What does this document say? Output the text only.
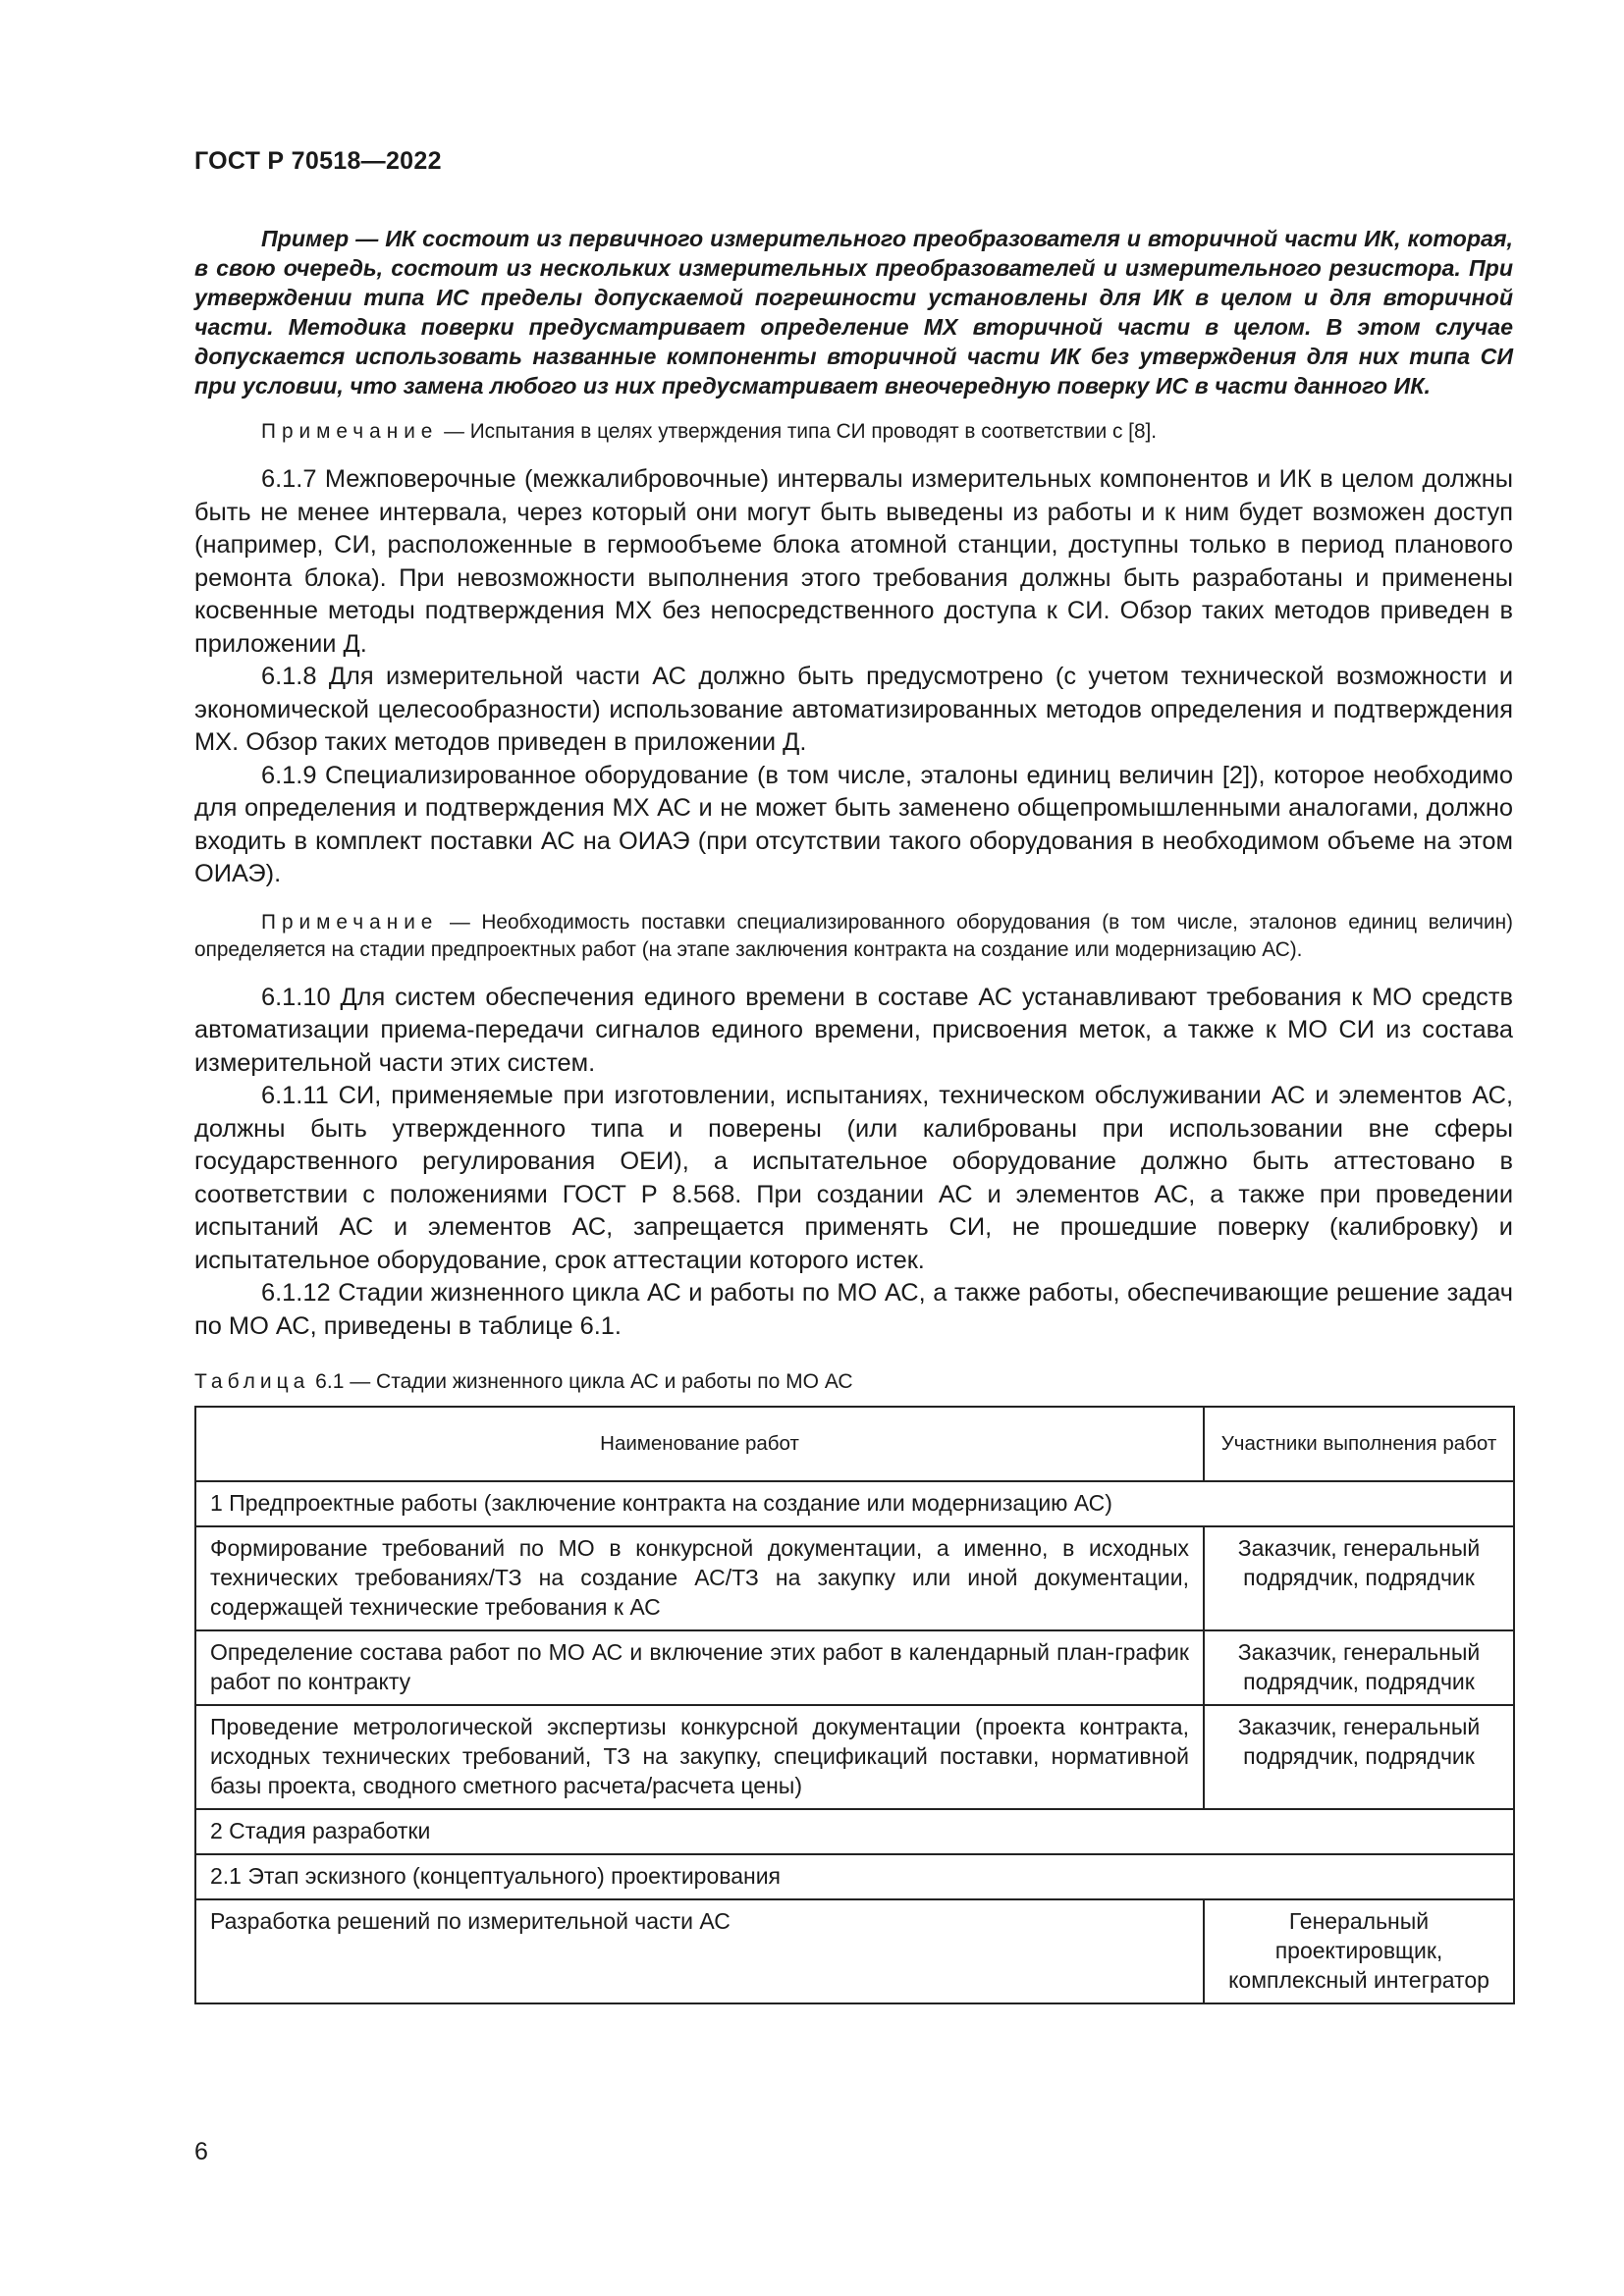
ГОСТ Р 70518—2022

Пример — ИК состоит из первичного измерительного преобразователя и вторичной части ИК, которая, в свою очередь, состоит из нескольких измерительных преобразователей и измерительного резистора. При утверждении типа ИС пределы допускаемой погрешности установлены для ИК в целом и для вторичной части. Методика поверки предусматривает определение МХ вторичной части в целом. В этом случае допускается использовать названные компоненты вторичной части ИК без утверждения для них типа СИ при условии, что замена любого из них предусматривает внеочередную поверку ИС в части данного ИК.

Примечание — Испытания в целях утверждения типа СИ проводят в соответствии с [8].

6.1.7 Межповерочные (межкалибровочные) интервалы измерительных компонентов и ИК в целом должны быть не менее интервала, через который они могут быть выведены из работы и к ним будет возможен доступ (например, СИ, расположенные в гермообъеме блока атомной станции, доступны только в период планового ремонта блока). При невозможности выполнения этого требования должны быть разработаны и применены косвенные методы подтверждения МХ без непосредственного доступа к СИ. Обзор таких методов приведен в приложении Д.

6.1.8 Для измерительной части АС должно быть предусмотрено (с учетом технической возможности и экономической целесообразности) использование автоматизированных методов определения и подтверждения МХ. Обзор таких методов приведен в приложении Д.

6.1.9 Специализированное оборудование (в том числе, эталоны единиц величин [2]), которое необходимо для определения и подтверждения МХ АС и не может быть заменено общепромышленными аналогами, должно входить в комплект поставки АС на ОИАЭ (при отсутствии такого оборудования в необходимом объеме на этом ОИАЭ).

Примечание — Необходимость поставки специализированного оборудования (в том числе, эталонов единиц величин) определяется на стадии предпроектных работ (на этапе заключения контракта на создание или модернизацию АС).

6.1.10 Для систем обеспечения единого времени в составе АС устанавливают требования к МО средств автоматизации приема-передачи сигналов единого времени, присвоения меток, а также к МО СИ из состава измерительной части этих систем.

6.1.11 СИ, применяемые при изготовлении, испытаниях, техническом обслуживании АС и элементов АС, должны быть утвержденного типа и поверены (или калиброваны при использовании вне сферы государственного регулирования ОЕИ), а испытательное оборудование должно быть аттестовано в соответствии с положениями ГОСТ Р 8.568. При создании АС и элементов АС, а также при проведении испытаний АС и элементов АС, запрещается применять СИ, не прошедшие поверку (калибровку) и испытательное оборудование, срок аттестации которого истек.

6.1.12 Стадии жизненного цикла АС и работы по МО АС, а также работы, обеспечивающие решение задач по МО АС, приведены в таблице 6.1.

Таблица 6.1 — Стадии жизненного цикла АС и работы по МО АС

Наименование работ	Участники выполнения работ
1 Предпроектные работы (заключение контракта на создание или модернизацию АС)	
Формирование требований по МО в конкурсной документации, а именно, в исходных технических требованиях/ТЗ на создание АС/ТЗ на закупку или иной документации, содержащей технические требования к АС	Заказчик, генеральный подрядчик, подрядчик
Определение состава работ по МО АС и включение этих работ в календарный план-график работ по контракту	Заказчик, генеральный подрядчик, подрядчик
Проведение метрологической экспертизы конкурсной документации (проекта контракта, исходных технических требований, ТЗ на закупку, спецификаций поставки, нормативной базы проекта, сводного сметного расчета/расчета цены)	Заказчик, генеральный подрядчик, подрядчик
2 Стадия разработки	
2.1 Этап эскизного (концептуального) проектирования	
Разработка решений по измерительной части АС	Генеральный проектировщик, комплексный интегратор
6
